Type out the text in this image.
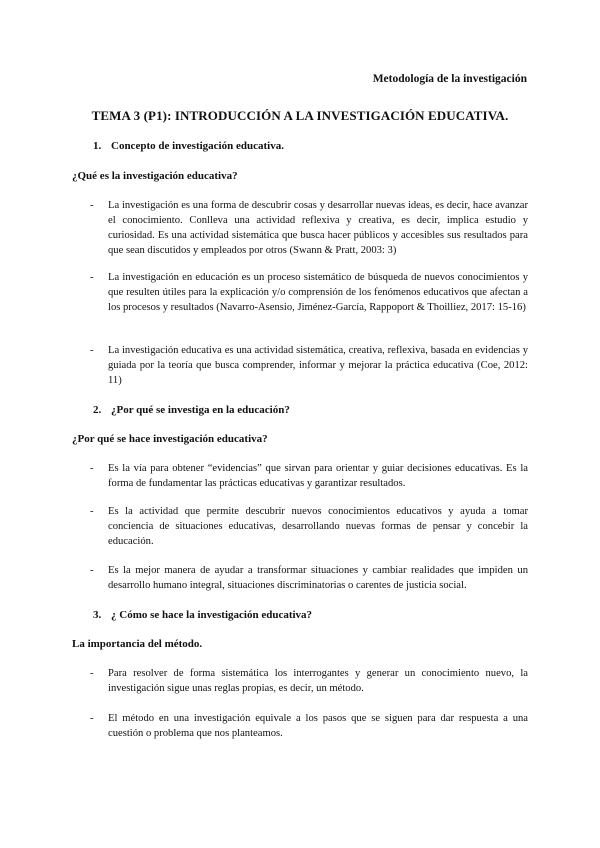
Metodología de la investigación
TEMA 3 (P1): INTRODUCCIÓN A LA INVESTIGACIÓN EDUCATIVA.
1. Concepto de investigación educativa.
¿Qué es la investigación educativa?
- La investigación es una forma de descubrir cosas y desarrollar nuevas ideas, es decir, hace avanzar el conocimiento. Conlleva una actividad reflexiva y creativa, es decir, implica estudio y curiosidad. Es una actividad sistemática que busca hacer públicos y accesibles sus resultados para que sean discutidos y empleados por otros (Swann & Pratt, 2003: 3)
- La investigación en educación es un proceso sistemático de búsqueda de nuevos conocimientos y que resulten útiles para la explicación y/o comprensión de los fenómenos educativos que afectan a los procesos y resultados (Navarro-Asensio, Jiménez-García, Rappoport & Thoilliez, 2017: 15-16)
- La investigación educativa es una actividad sistemática, creativa, reflexiva, basada en evidencias y guiada por la teoría que busca comprender, informar y mejorar la práctica educativa (Coe, 2012: 11)
2. ¿Por qué se investiga en la educación?
¿Por qué se hace investigación educativa?
- Es la vía para obtener “evidencias” que sirvan para orientar y guiar decisiones educativas. Es la forma de fundamentar las prácticas educativas y garantizar resultados.
- Es la actividad que permite descubrir nuevos conocimientos educativos y ayuda a tomar conciencia de situaciones educativas, desarrollando nuevas formas de pensar y concebir la educación.
- Es la mejor manera de ayudar a transformar situaciones y cambiar realidades que impiden un desarrollo humano integral, situaciones discriminatorias o carentes de justicia social.
3. ¿ Cómo se hace la investigación educativa?
La importancia del método.
- Para resolver de forma sistemática los interrogantes y generar un conocimiento nuevo, la investigación sigue unas reglas propias, es decir, un método.
- El método en una investigación equivale a los pasos que se siguen para dar respuesta a una cuestión o problema que nos planteamos.
